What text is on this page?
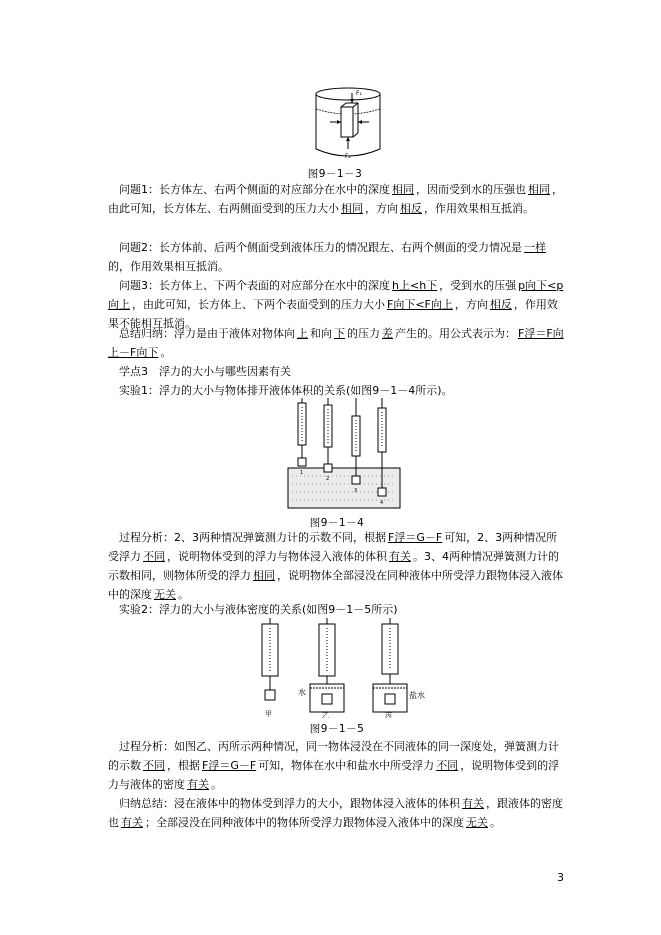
F₁
F₂
图9－1－3
问题1：长方体左、右两个侧面的对应部分在水中的深度 相同 ，因而受到水的压强也 相同 ，由此可知，长方体左、右两侧面受到的压力大小 相同 ，方向 相反 ，作用效果相互抵消。
问题2：长方体前、后两个侧面受到液体压力的情况跟左、右两个侧面的受力情况是 一样的，作用效果相互抵消。
问题3：长方体上、下两个表面的对应部分在水中的深度 h上<h下 ，受到水的压强 p向下<p向上 ，由此可知，长方体上、下两个表面受到的压力大小 F向下<F向上 ，方向 相反 ，作用效果不能相互抵消。
总结归纳：浮力是由于液体对物体向 上 和向 下 的压力 差 产生的。用公式表示为： F浮＝F向上－F向下 。
学点3　浮力的大小与哪些因素有关
实验1：浮力的大小与物体排开液体体积的关系(如图9－1－4所示)。
1
2
3
4
图9－1－4
过程分析：2、3两种情况弹簧测力计的示数不同，根据 F浮＝G－F 可知，2、3两种情况所受浮力 不同 ，说明物体受到的浮力与物体浸入液体的体积 有关 。3、4两种情况弹簧测力计的示数相同，则物体所受的浮力 相同 ，说明物体全部浸没在同种液体中所受浮力跟物体浸入液体中的深度 无关 。
实验2：浮力的大小与液体密度的关系(如图9－1－5所示)
水	盐水
甲	乙	丙
图9－1－5
过程分析：如图乙、丙所示两种情况，同一物体浸没在不同液体的同一深度处，弹簧测力计的示数 不同 ，根据 F浮＝G－F 可知，物体在水中和盐水中所受浮力 不同 ，说明物体受到的浮力与液体的密度 有关 。
归纳总结：浸在液体中的物体受到浮力的大小，跟物体浸入液体的体积 有关 ，跟液体的密度也 有关 ；全部浸没在同种液体中的物体所受浮力跟物体浸入液体中的深度 无关 。
3
